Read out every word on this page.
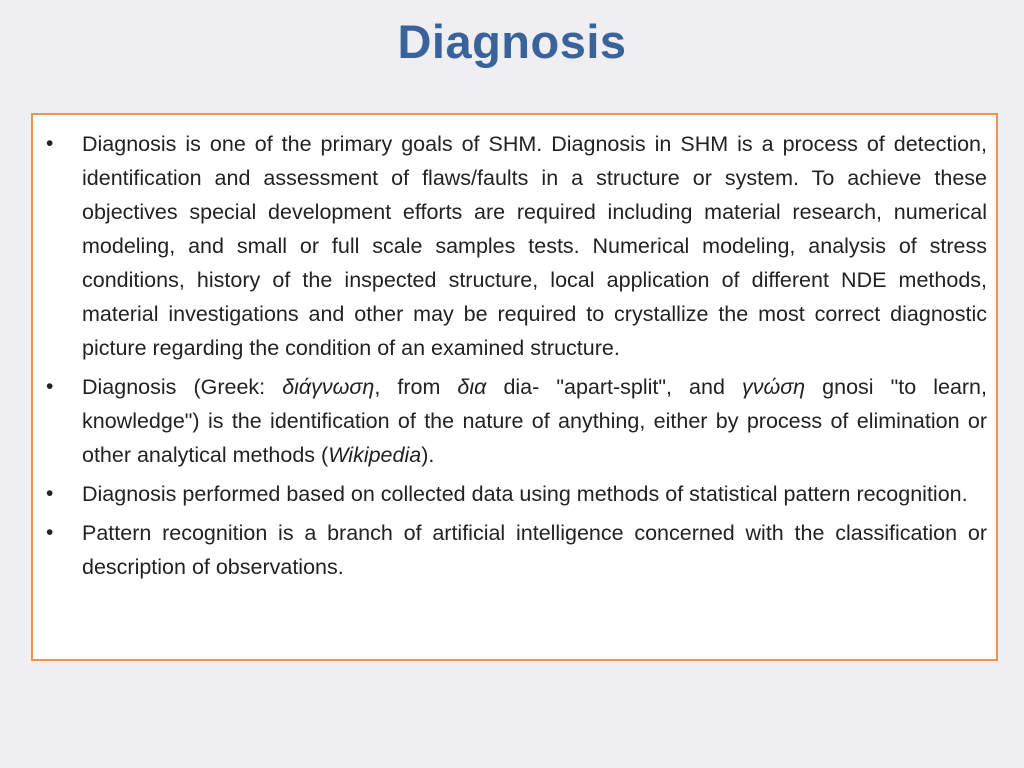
Diagnosis
•	Diagnosis is one of the primary goals of SHM. Diagnosis in SHM is a process of detection, identification and assessment of flaws/faults in a structure or system. To achieve these objectives special development efforts are required including material research, numerical modeling, and small or full scale samples tests. Numerical modeling, analysis of stress conditions, history of the inspected structure, local application of different NDE methods, material investigations and other may be required to crystallize the most correct diagnostic picture regarding the condition of an examined structure.
•	Diagnosis (Greek: διάγνωση, from δια dia- "apart-split", and γνώση gnosi "to learn, knowledge") is the identification of the nature of anything, either by process of elimination or other analytical methods (Wikipedia).
•	Diagnosis performed based on collected data using methods of statistical pattern recognition.
•	Pattern recognition is a branch of artificial intelligence concerned with the classification or description of observations.
